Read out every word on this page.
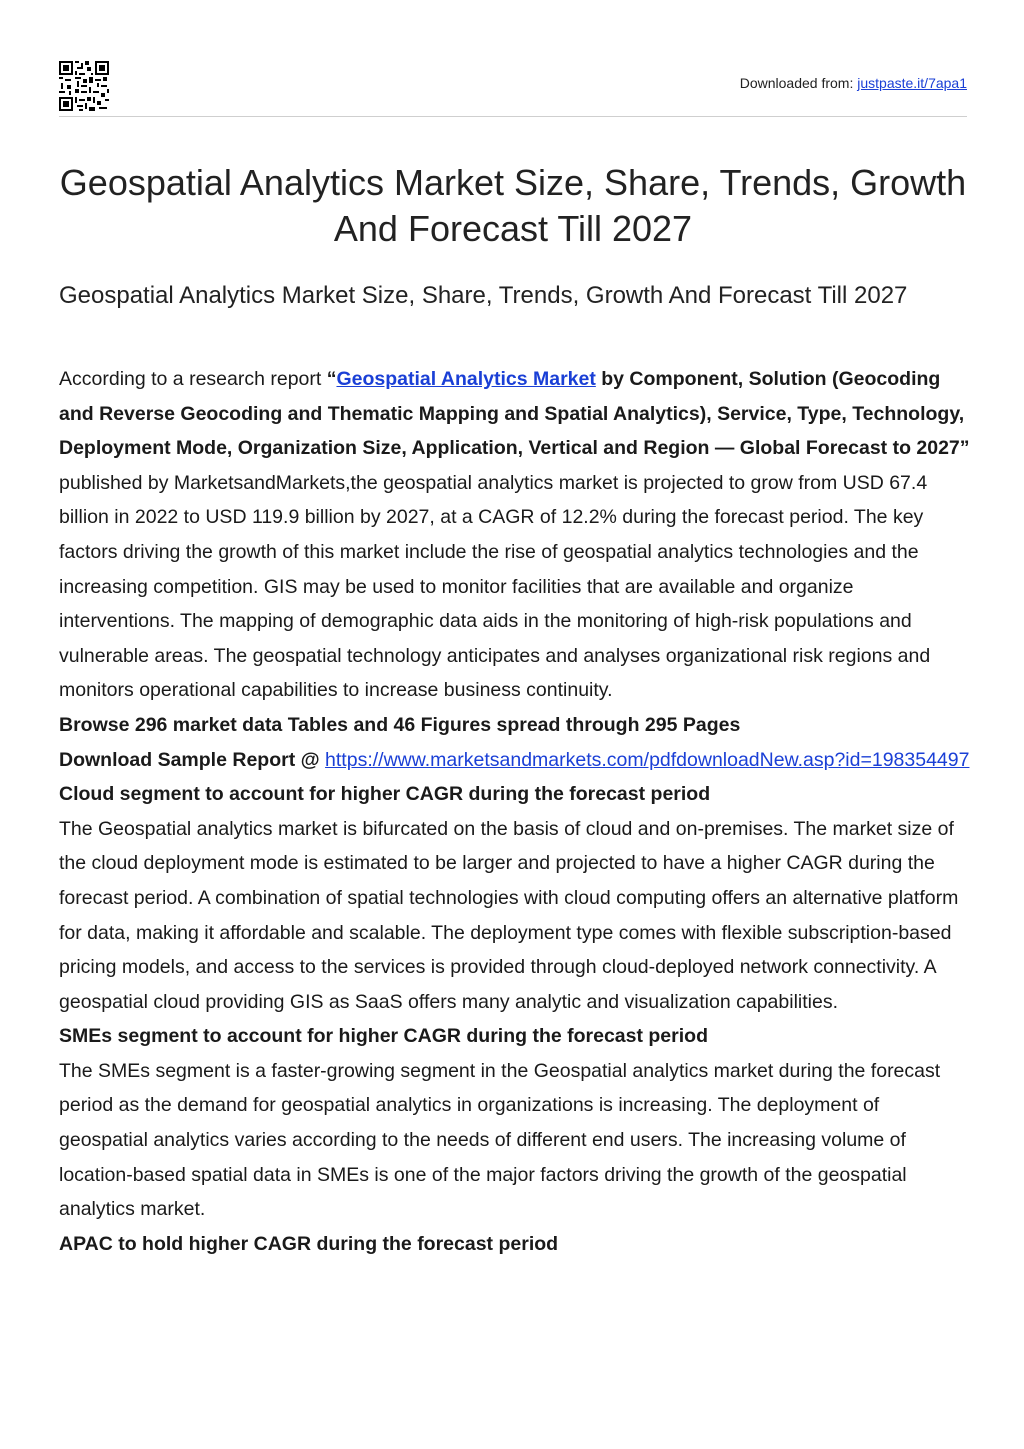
Downloaded from: justpaste.it/7apa1
Geospatial Analytics Market Size, Share, Trends, Growth And Forecast Till 2027
Geospatial Analytics Market Size, Share, Trends, Growth And Forecast Till 2027

According to a research report “Geospatial Analytics Market by Component, Solution (Geocoding and Reverse Geocoding and Thematic Mapping and Spatial Analytics), Service, Type, Technology, Deployment Mode, Organization Size, Application, Vertical and Region — Global Forecast to 2027” published by MarketsandMarkets,the geospatial analytics market is projected to grow from USD 67.4 billion in 2022 to USD 119.9 billion by 2027, at a CAGR of 12.2% during the forecast period. The key factors driving the growth of this market include the rise of geospatial analytics technologies and the increasing competition. GIS may be used to monitor facilities that are available and organize interventions. The mapping of demographic data aids in the monitoring of high-risk populations and vulnerable areas. The geospatial technology anticipates and analyses organizational risk regions and monitors operational capabilities to increase business continuity.

Browse 296 market data Tables and 46 Figures spread through 295 Pages

Download Sample Report @ https://www.marketsandmarkets.com/pdfdownloadNew.asp?id=198354497

Cloud segment to account for higher CAGR during the forecast period

The Geospatial analytics market is bifurcated on the basis of cloud and on-premises. The market size of the cloud deployment mode is estimated to be larger and projected to have a higher CAGR during the forecast period. A combination of spatial technologies with cloud computing offers an alternative platform for data, making it affordable and scalable. The deployment type comes with flexible subscription-based pricing models, and access to the services is provided through cloud-deployed network connectivity. A geospatial cloud providing GIS as SaaS offers many analytic and visualization capabilities.

SMEs segment to account for higher CAGR during the forecast period

The SMEs segment is a faster-growing segment in the Geospatial analytics market during the forecast period as the demand for geospatial analytics in organizations is increasing. The deployment of geospatial analytics varies according to the needs of different end users. The increasing volume of location-based spatial data in SMEs is one of the major factors driving the growth of the geospatial analytics market.

APAC to hold higher CAGR during the forecast period
